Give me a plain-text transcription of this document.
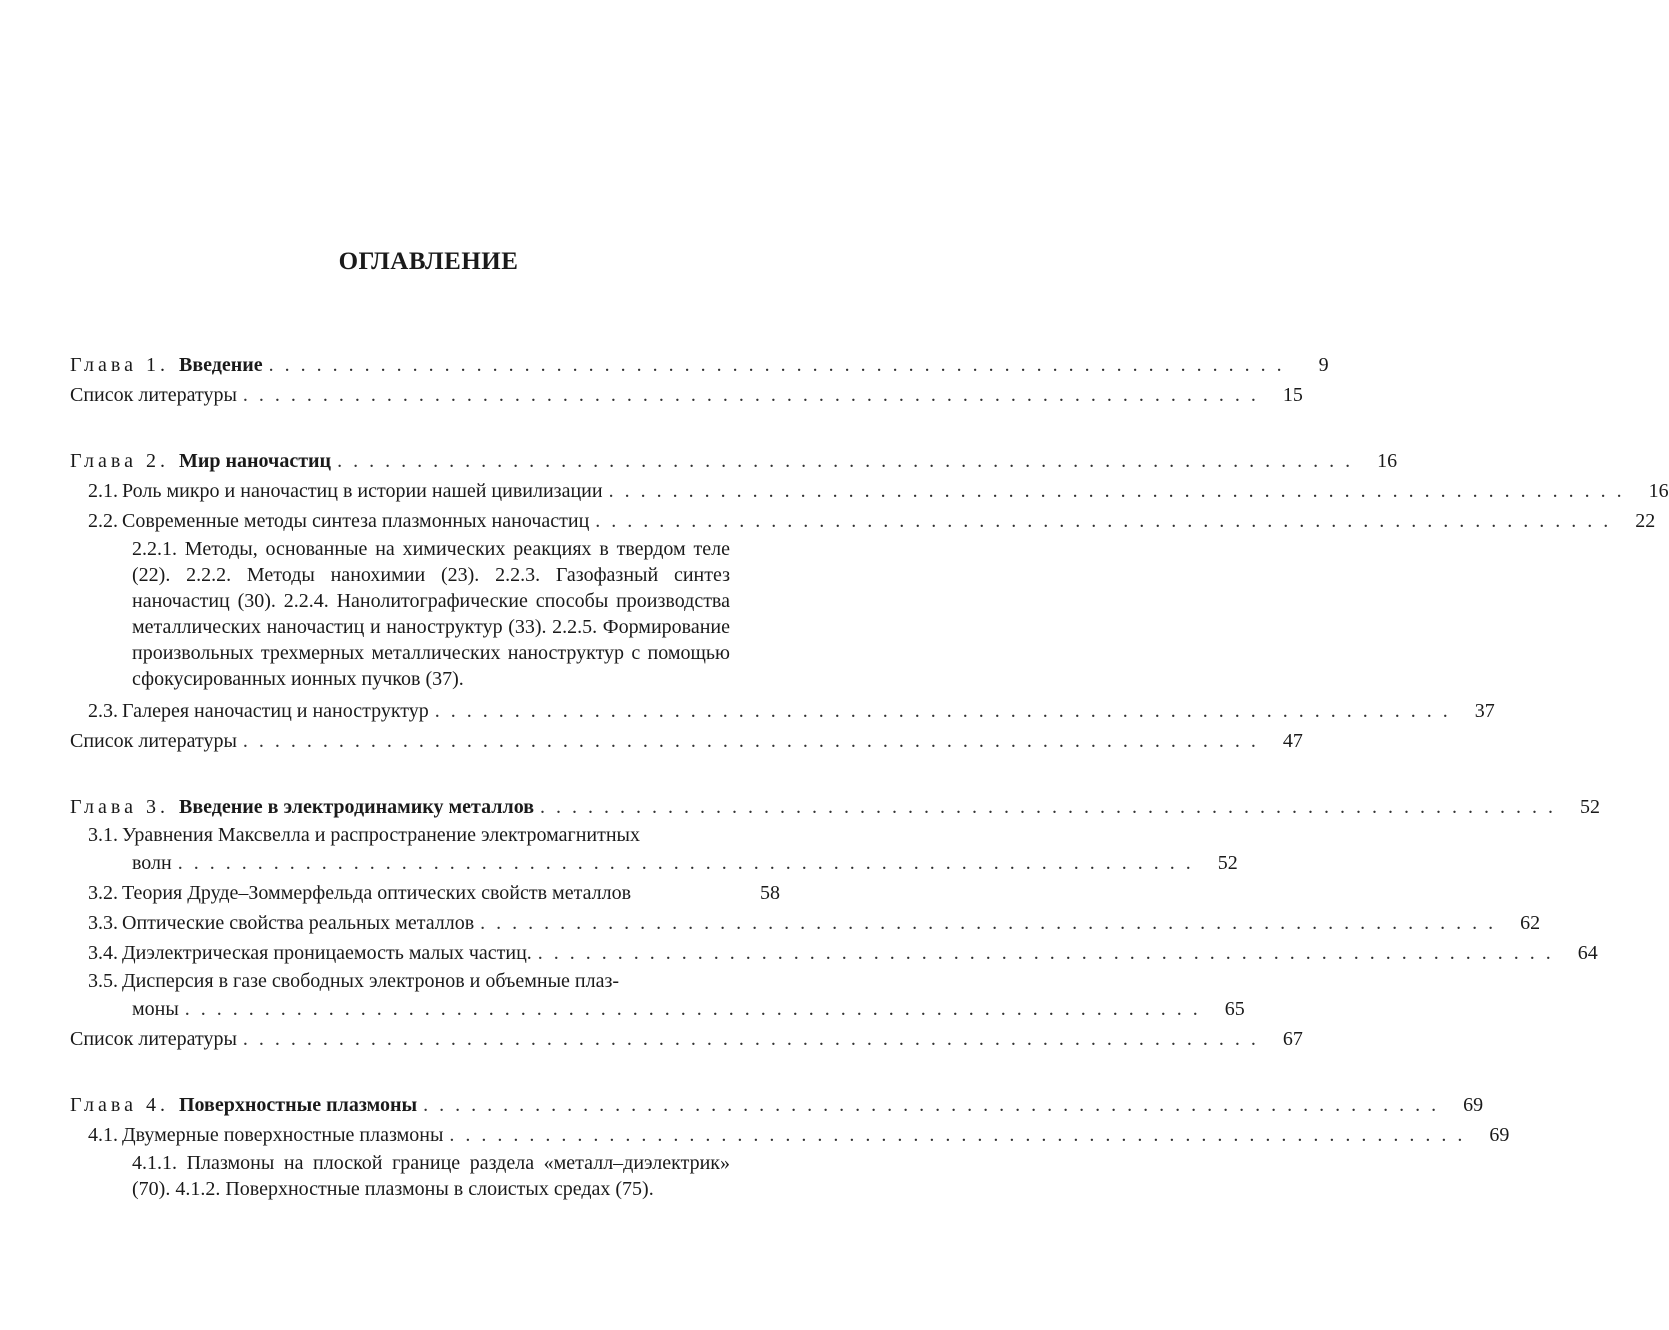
ОГЛАВЛЕНИЕ
Глава 1. Введение . . . . . . . . . . . . . . . . . . . . . . . . . . . . . . . . . . . . . . . . . . . . . . . . . . . . . . . . . . . . . . . .	9
Список литературы . . . . . . . . . . . . . . . . . . . . . . . . . . . . . . . . . . . . . . . . . . . . . . . . . . . . . . . . . . . . . . . .	15
Глава 2. Мир наночастиц . . . . . . . . . . . . . . . . . . . . . . . . . . . . . . . . . . . . . . . . . . . . . . . . . . . . . . . . . . . . . . . .	16
2.1. Роль микро и наночастиц в истории нашей цивилизации . . . . . . . . . . . . . . . . . . . . . . . . . . . . . . . . . . . . . . . . . . . . . . . . . . . . . . . . . . . . . . . .	16
2.2. Современные методы синтеза плазмонных наночастиц . . . . . . . . . . . . . . . . . . . . . . . . . . . . . . . . . . . . . . . . . . . . . . . . . . . . . . . . . . . . . . . .	22

2.2.1. Методы, основанные на химических реакциях в твердом теле (22). 2.2.2. Методы нанохимии (23). 2.2.3. Газофазный синтез наночастиц (30). 2.2.4. Нанолитографические способы производства металлических наночастиц и наноструктур (33). 2.2.5. Формирование произвольных трехмерных металлических наноструктур с помощью сфокусированных ионных пучков (37).

2.3. Галерея наночастиц и наноструктур . . . . . . . . . . . . . . . . . . . . . . . . . . . . . . . . . . . . . . . . . . . . . . . . . . . . . . . . . . . . . . . .	37
Список литературы . . . . . . . . . . . . . . . . . . . . . . . . . . . . . . . . . . . . . . . . . . . . . . . . . . . . . . . . . . . . . . . .	47
Глава 3. Введение в электродинамику металлов . . . . . . . . . . . . . . . . . . . . . . . . . . . . . . . . . . . . . . . . . . . . . . . . . . . . . . . . . . . . . . . .	52
3.1. Уравнения Максвелла и распространение электромагнитных
волн . . . . . . . . . . . . . . . . . . . . . . . . . . . . . . . . . . . . . . . . . . . . . . . . . . . . . . . . . . . . . . . .	52
3.2. Теория Друде–Зоммерфельда оптических свойств металлов	58
3.3. Оптические свойства реальных металлов . . . . . . . . . . . . . . . . . . . . . . . . . . . . . . . . . . . . . . . . . . . . . . . . . . . . . . . . . . . . . . . .	62
3.4. Диэлектрическая проницаемость малых частиц. . . . . . . . . . . . . . . . . . . . . . . . . . . . . . . . . . . . . . . . . . . . . . . . . . . . . . . . . . . . . . . . .	64
3.5. Дисперсия в газе свободных электронов и объемные плаз-
моны . . . . . . . . . . . . . . . . . . . . . . . . . . . . . . . . . . . . . . . . . . . . . . . . . . . . . . . . . . . . . . . .	65
Список литературы . . . . . . . . . . . . . . . . . . . . . . . . . . . . . . . . . . . . . . . . . . . . . . . . . . . . . . . . . . . . . . . .	67
Глава 4. Поверхностные плазмоны . . . . . . . . . . . . . . . . . . . . . . . . . . . . . . . . . . . . . . . . . . . . . . . . . . . . . . . . . . . . . . . .	69
4.1. Двумерные поверхностные плазмоны . . . . . . . . . . . . . . . . . . . . . . . . . . . . . . . . . . . . . . . . . . . . . . . . . . . . . . . . . . . . . . . .	69

4.1.1. Плазмоны на плоской границе раздела «металл–диэлектрик» (70). 4.1.2. Поверхностные плазмоны в слоистых средах (75).
